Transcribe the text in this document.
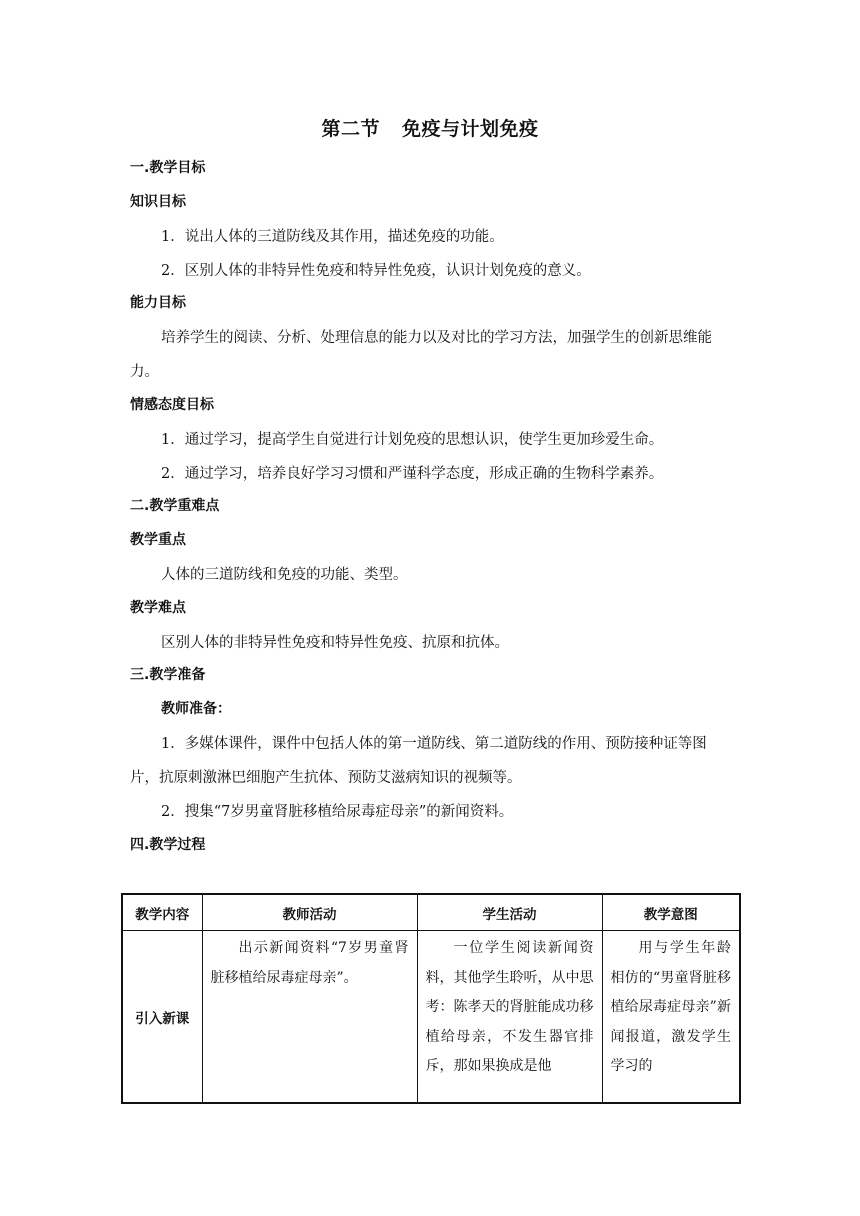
第二节 免疫与计划免疫
一.教学目标
知识目标
1．说出人体的三道防线及其作用，描述免疫的功能。
2．区别人体的非特异性免疫和特异性免疫，认识计划免疫的意义。
能力目标
培养学生的阅读、分析、处理信息的能力以及对比的学习方法，加强学生的创新思维能
力。
情感态度目标
1．通过学习，提高学生自觉进行计划免疫的思想认识，使学生更加珍爱生命。
2．通过学习，培养良好学习习惯和严谨科学态度，形成正确的生物科学素养。
二.教学重难点
教学重点
人体的三道防线和免疫的功能、类型。
教学难点
区别人体的非特异性免疫和特异性免疫、抗原和抗体。
三.教学准备
教师准备：
1．多媒体课件，课件中包括人体的第一道防线、第二道防线的作用、预防接种证等图
片，抗原刺激淋巴细胞产生抗体、预防艾滋病知识的视频等。
2．搜集“7岁男童肾脏移植给尿毒症母亲”的新闻资料。
四.教学过程
教学内容	教师活动	学生活动	教学意图
引入新课	出示新闻资料“7岁男童肾脏移植给尿毒症母亲”。	一位学生阅读新闻资料，其他学生聆听，从中思考：陈孝天的肾脏能成功移植给母亲，不发生器官排斥，那如果换成是他	用与学生年龄相仿的“男童肾脏移植给尿毒症母亲”新闻报道，激发学生学习的
